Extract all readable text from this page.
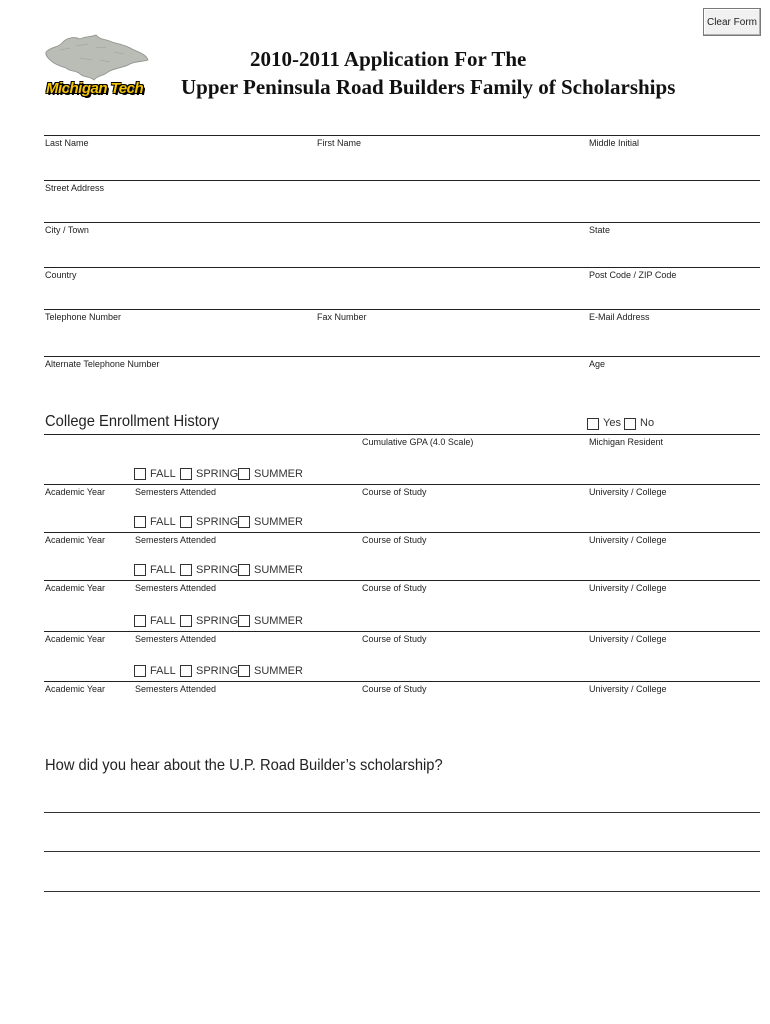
Clear Form
Michigan Tech
2010-2011 Application For The
Upper Peninsula Road Builders Family of Scholarships
Last Name	First Name	Middle Initial
Street Address
City / Town	State
Country	Post Code / ZIP Code
Telephone Number	Fax Number	E-Mail Address
Alternate Telephone Number	Age
College Enrollment History	Yes No
Cumulative GPA (4.0 Scale)	Michigan Resident
FALL SPRING SUMMER
Academic Year	Semesters Attended	Course of Study	University / College
FALL SPRING SUMMER
Academic Year	Semesters Attended	Course of Study	University / College
FALL SPRING SUMMER
Academic Year	Semesters Attended	Course of Study	University / College
FALL SPRING SUMMER
Academic Year	Semesters Attended	Course of Study	University / College
FALL SPRING SUMMER
Academic Year	Semesters Attended	Course of Study	University / College
How did you hear about the U.P. Road Builder’s scholarship?
